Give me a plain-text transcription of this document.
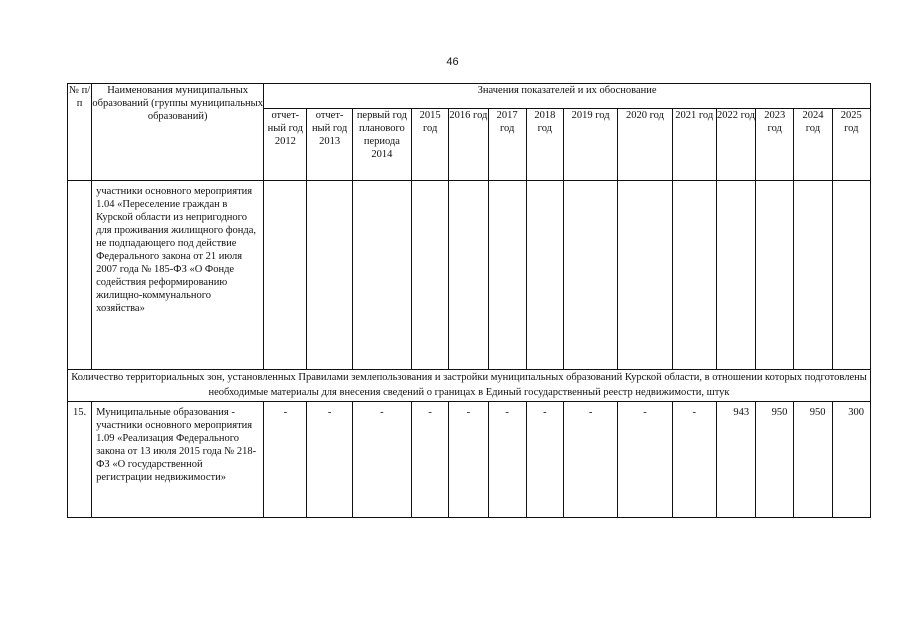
46
№ п/п	Наименования муниципальных образований (группы муниципальных образований)	Значения показателей и их обоснование													
		отчет- ный год 2012	отчет- ный год 2013	первый год планового периода 2014	2015 год	2016 год	2017 год	2018 год	2019 год	2020 год	2021 год	2022 год	2023 год	2024 год	2025 год
	участники основного мероприятия 1.04 «Переселение граждан в Курской области из непригодного для проживания жилищного фонда, не подпадающего под действие Федерального закона от 21 июля 2007 года № 185-ФЗ «О Фонде содействия реформированию жилищно-коммунального хозяйства»														
Количество территориальных зон, установленных Правилами землепользования и застройки муниципальных образований Курской области, в отношении которых подготовлены необходимые материалы для внесения сведений о границах в Единый государственный реестр недвижимости, штук															
15.	Муниципальные образования - участники основного мероприятия 1.09 «Реализация Федерального закона от 13 июля 2015 года № 218-ФЗ «О государственной регистрации недвижимости»	-	-	-	-	-	-	-	-	-	-	943	950	950	300
